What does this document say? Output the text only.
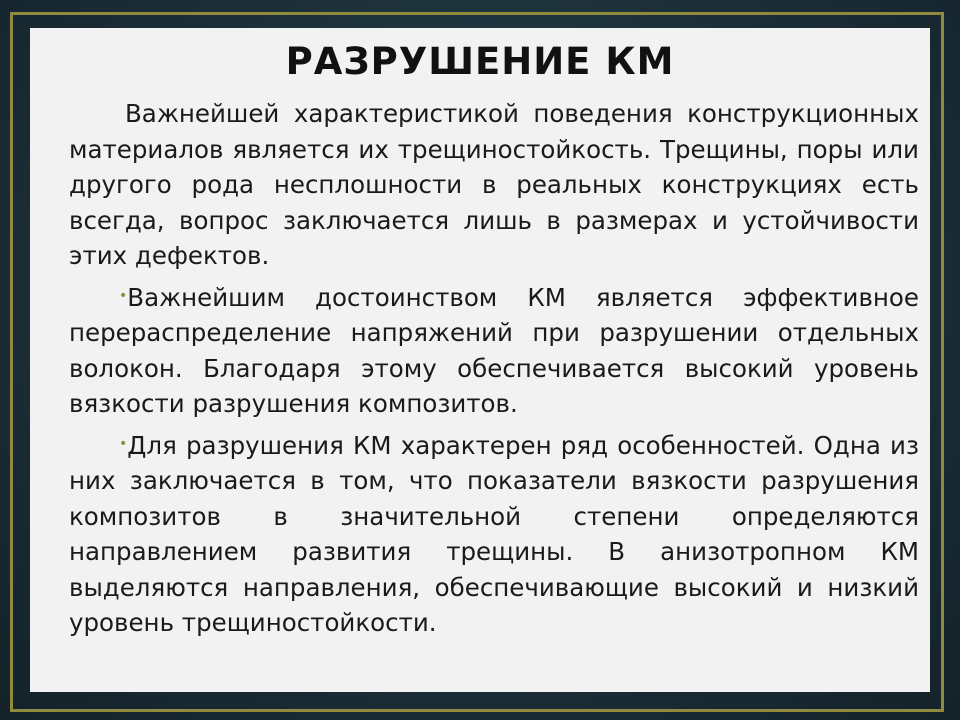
РАЗРУШЕНИЕ КМ

Важнейшей характеристикой поведения конструкционных материалов является их трещиностойкость. Трещины, поры или другого рода несплошности в реальных конструкциях есть всегда, вопрос заключается лишь в размерах и устойчивости этих дефектов.

•Важнейшим достоинством КМ является эффективное перераспределение напряжений при разрушении отдельных волокон. Благодаря этому обеспечивается высокий уровень вязкости разрушения композитов.

•Для разрушения КМ характерен ряд особенностей. Одна из них заключается в том, что показатели вязкости разрушения композитов в значительной степени определяются направлением развития трещины. В анизотропном КМ выделяются направления, обеспечивающие высокий и низкий уровень трещиностойкости.
